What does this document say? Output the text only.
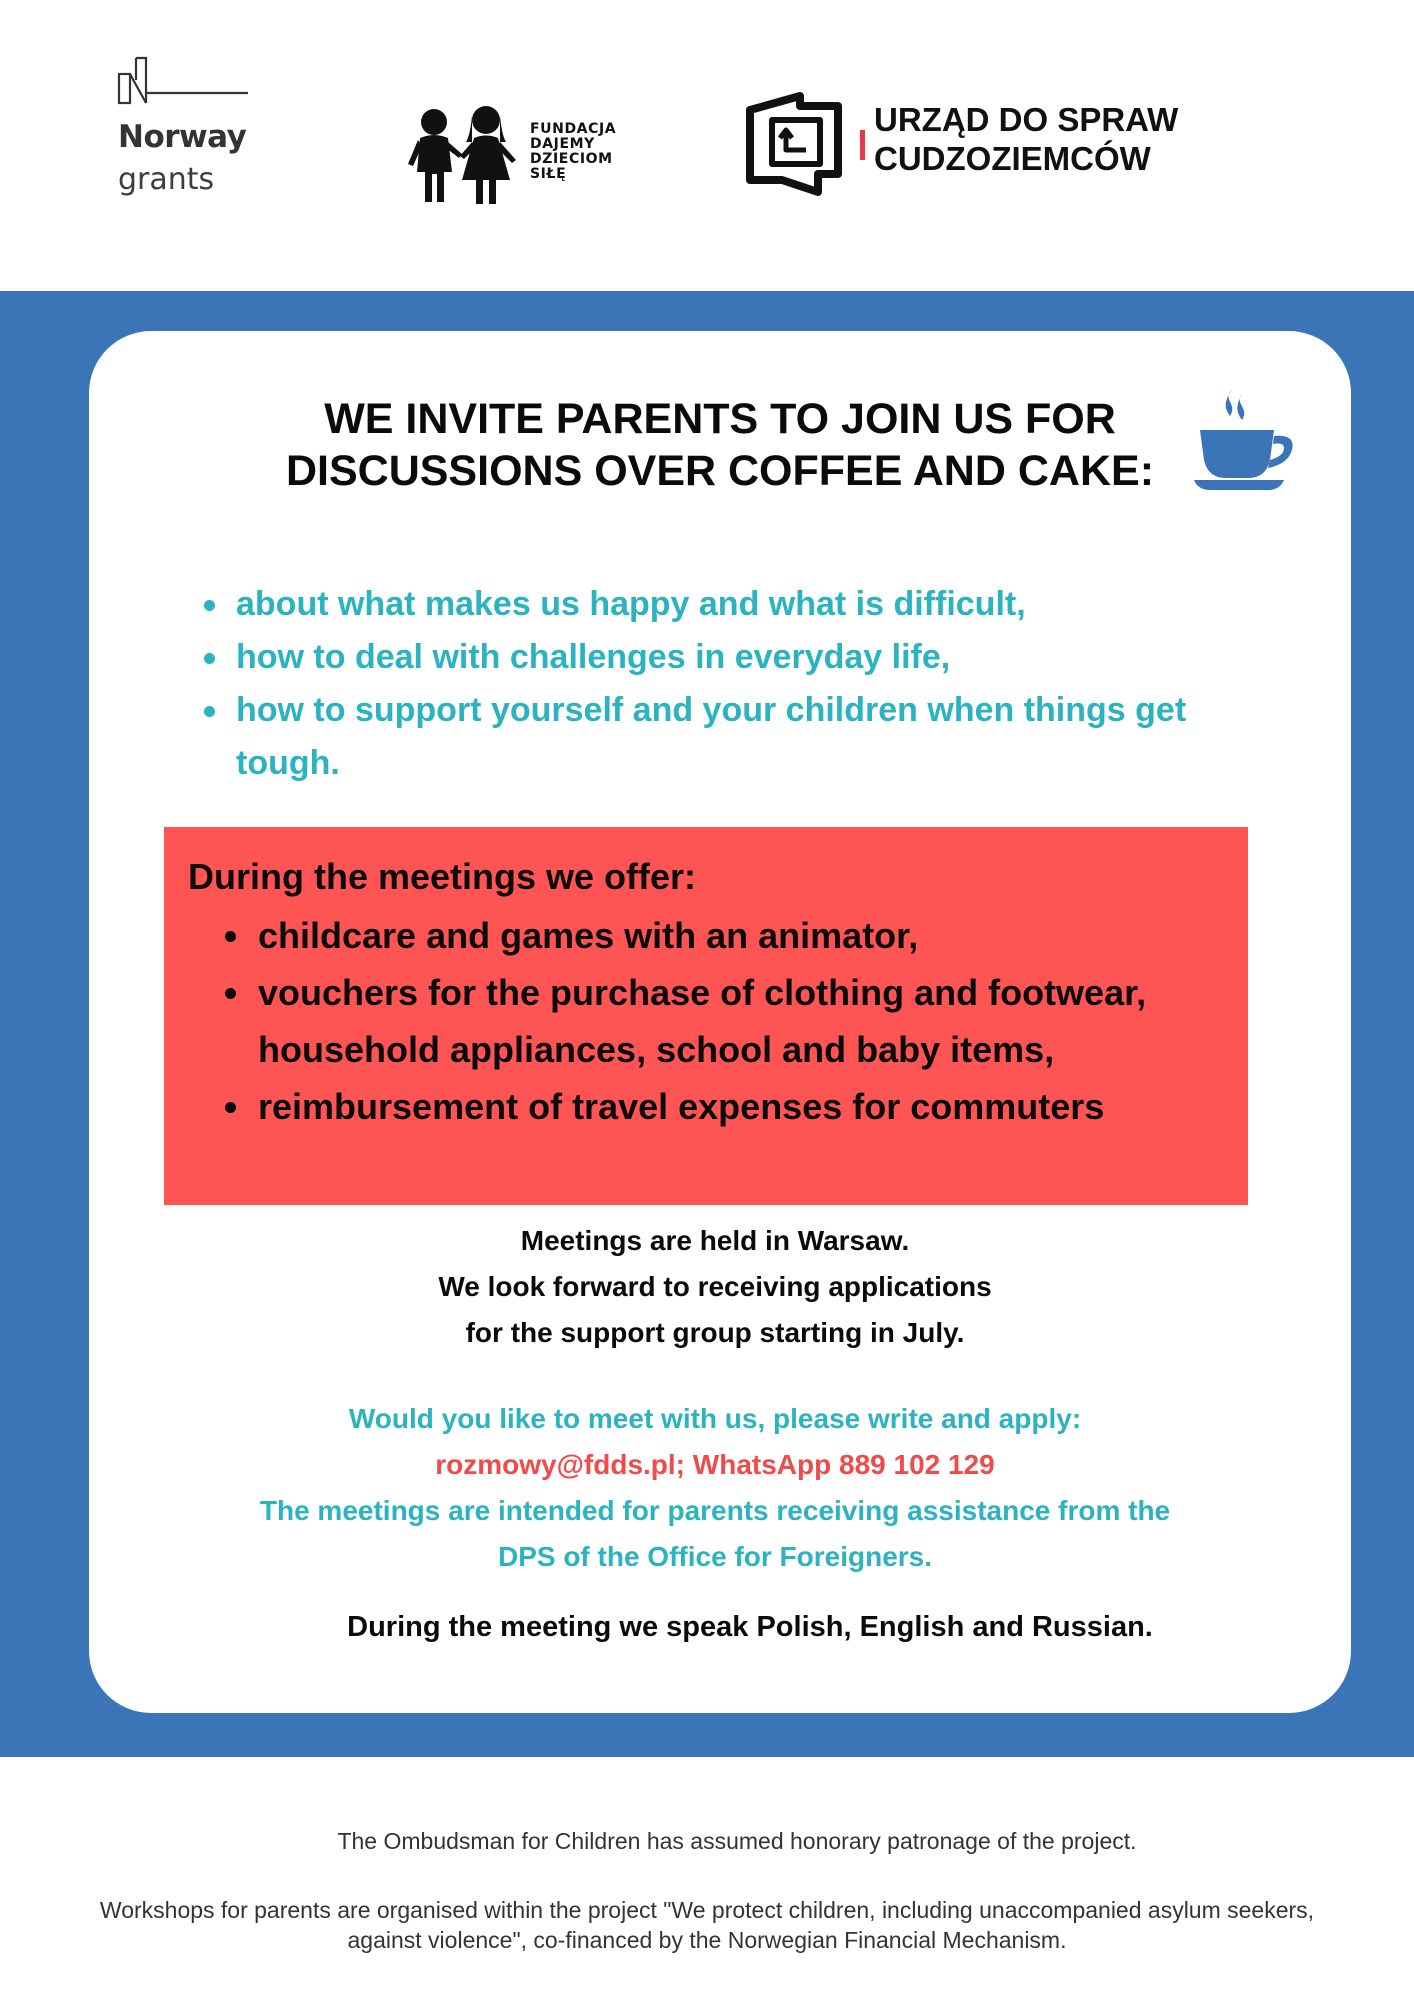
Norway
grants
FUNDACJA
DAJEMY
DZIECIOM
SIŁĘ
URZĄD DO SPRAW
CUDZOZIEMCÓW
WE INVITE PARENTS TO JOIN US FOR
DISCUSSIONS OVER COFFEE AND CAKE:
about what makes us happy and what is difficult,
how to deal with challenges in everyday life,
how to support yourself and your children when things get tough.

During the meetings we offer:

childcare and games with an animator,
vouchers for the purchase of clothing and footwear, household appliances, school and baby items,
reimbursement of travel expenses for commuters
Meetings are held in Warsaw.
We look forward to receiving applications
for the support group starting in July.
Would you like to meet with us, please write and apply:
rozmowy@fdds.pl; WhatsApp 889 102 129
The meetings are intended for parents receiving assistance from the
DPS of the Office for Foreigners.
During the meeting we speak Polish, English and Russian.

The Ombudsman for Children has assumed honorary patronage of the project.

Workshops for parents are organised within the project "We protect children, including unaccompanied asylum seekers,
against violence", co-financed by the Norwegian Financial Mechanism.
